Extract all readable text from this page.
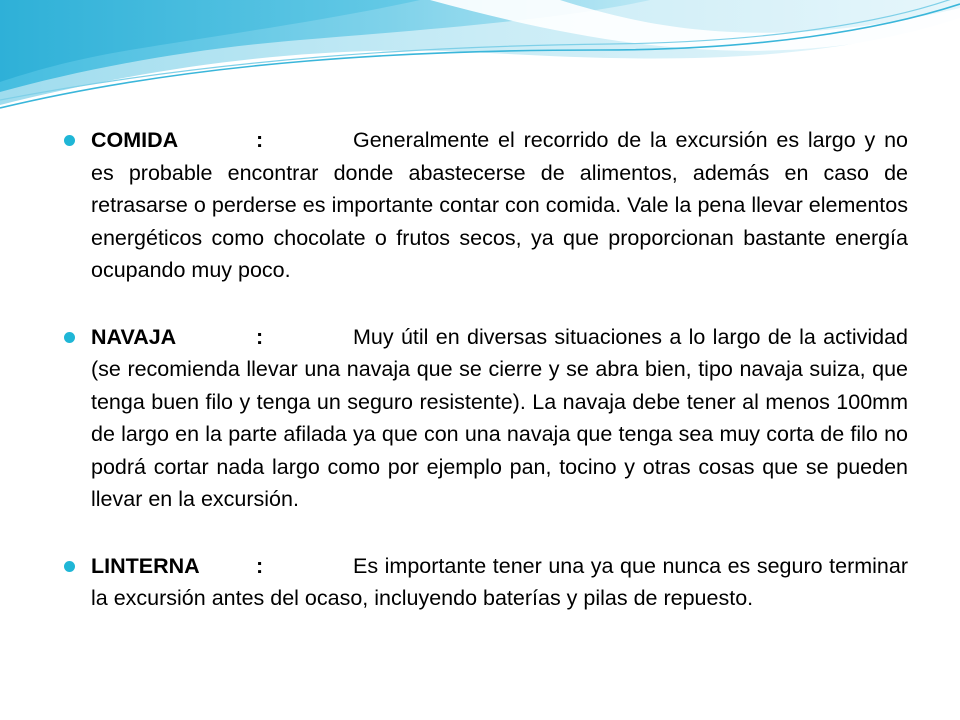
COMIDA	:	Generalmente el recorrido de la excursión es largo y no es probable encontrar donde abastecerse de alimentos, además en caso de retrasarse o perderse es importante contar con comida. Vale la pena llevar elementos energéticos como chocolate o frutos secos, ya que proporcionan bastante energía ocupando muy poco.

NAVAJA	:	Muy útil en diversas situaciones a lo largo de la actividad (se recomienda llevar una navaja que se cierre y se abra bien, tipo navaja suiza, que tenga buen filo y tenga un seguro resistente). La navaja debe tener al menos 100mm de largo en la parte afilada ya que con una navaja que tenga sea muy corta de filo no podrá cortar nada largo como por ejemplo pan, tocino y otras cosas que se pueden llevar en la excursión.

LINTERNA	:	Es importante tener una ya que nunca es seguro terminar la excursión antes del ocaso, incluyendo baterías y pilas de repuesto.
